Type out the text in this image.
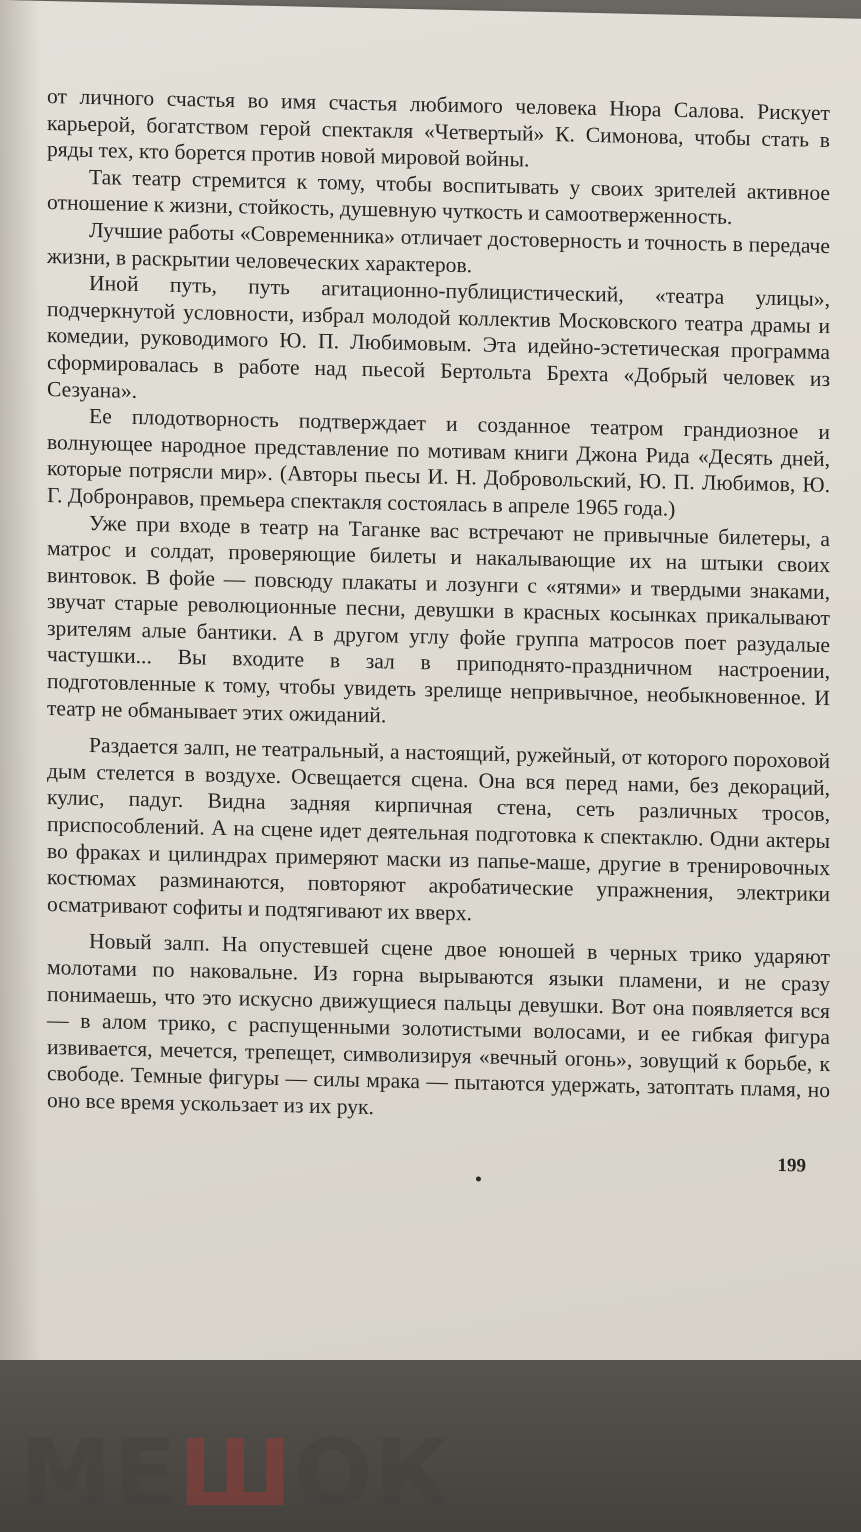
от личного счастья во имя счастья любимого человека Нюра Салова. Рискует карьерой, богатством герой спектакля «Четвертый» К. Симонова, чтобы стать в ряды тех, кто борется против новой мировой войны.

Так театр стремится к тому, чтобы воспитывать у своих зрителей активное отношение к жизни, стойкость, душевную чуткость и самоотверженность.

Лучшие работы «Современника» отличает достоверность и точность в передаче жизни, в раскрытии человеческих характеров.

Иной путь, путь агитационно-публицистический, «театра улицы», подчеркнутой условности, избрал молодой коллектив Московского театра драмы и комедии, руководимого Ю. П. Любимовым. Эта идейно-эстетическая программа сформировалась в работе над пьесой Бертольта Брехта «Добрый человек из Сезуана».

Ее плодотворность подтверждает и созданное театром грандиозное и волнующее народное представление по мотивам книги Джона Рида «Десять дней, которые потрясли мир». (Авторы пьесы И. Н. Добровольский, Ю. П. Любимов, Ю. Г. Добронравов, премьера спектакля состоялась в апреле 1965 года.)

Уже при входе в театр на Таганке вас встречают не привычные билетеры, а матрос и солдат, проверяющие билеты и накалывающие их на штыки своих винтовок. В фойе — повсюду плакаты и лозунги с «ятями» и твердыми знаками, звучат старые революционные песни, девушки в красных косынках прикалывают зрителям алые бантики. А в другом углу фойе группа матросов поет разудалые частушки... Вы входите в зал в приподнято-праздничном настроении, подготовленные к тому, чтобы увидеть зрелище непривычное, необыкновенное. И театр не обманывает этих ожиданий.

Раздается залп, не театральный, а настоящий, ружейный, от которого пороховой дым стелется в воздухе. Освещается сцена. Она вся перед нами, без декораций, кулис, падуг. Видна задняя кирпичная стена, сеть различных тросов, приспособлений. А на сцене идет деятельная подготовка к спектаклю. Одни актеры во фраках и цилиндрах примеряют маски из папье-маше, другие в тренировочных костюмах разминаются, повторяют акробатические упражнения, электрики осматривают софиты и подтягивают их вверх.

Новый залп. На опустевшей сцене двое юношей в черных трико ударяют молотами по наковальне. Из горна вырываются языки пламени, и не сразу понимаешь, что это искусно движущиеся пальцы девушки. Вот она появляется вся — в алом трико, с распущенными золотистыми волосами, и ее гибкая фигура извивается, мечется, трепещет, символизируя «вечный огонь», зовущий к борьбе, к свободе. Темные фигуры — силы мрака — пытаются удержать, затоптать пламя, но оно все время ускользает из их рук.

199
МЕШОК
